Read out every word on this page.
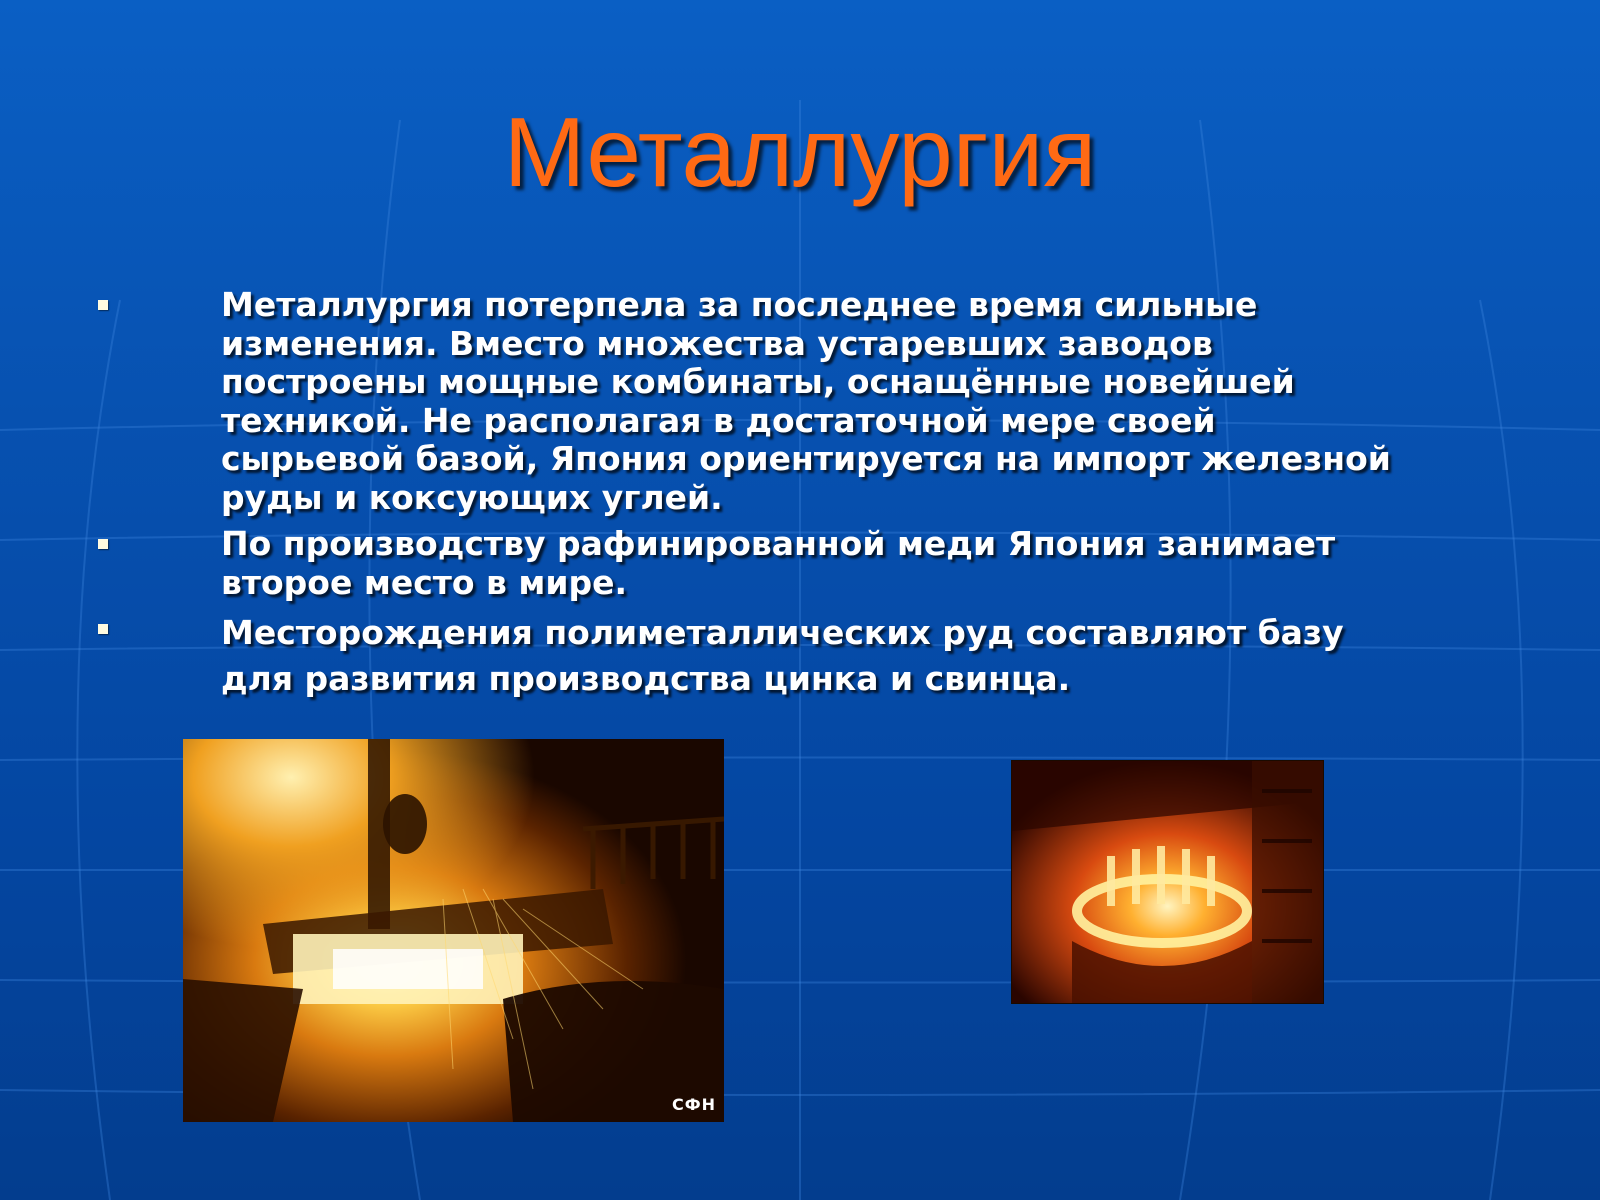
Металлургия
Металлургия потерпела за последнее время сильные изменения. Вместо множества устаревших заводов построены мощные комбинаты, оснащённые новейшей техникой. Не располагая в достаточной мере своей сырьевой базой, Япония ориентируется на импорт железной руды и коксующих углей.
По производству рафинированной меди Япония занимает второе место в мире.
Месторождения полиметаллических руд составляют базу для развития производства цинка и свинца.
СФН
